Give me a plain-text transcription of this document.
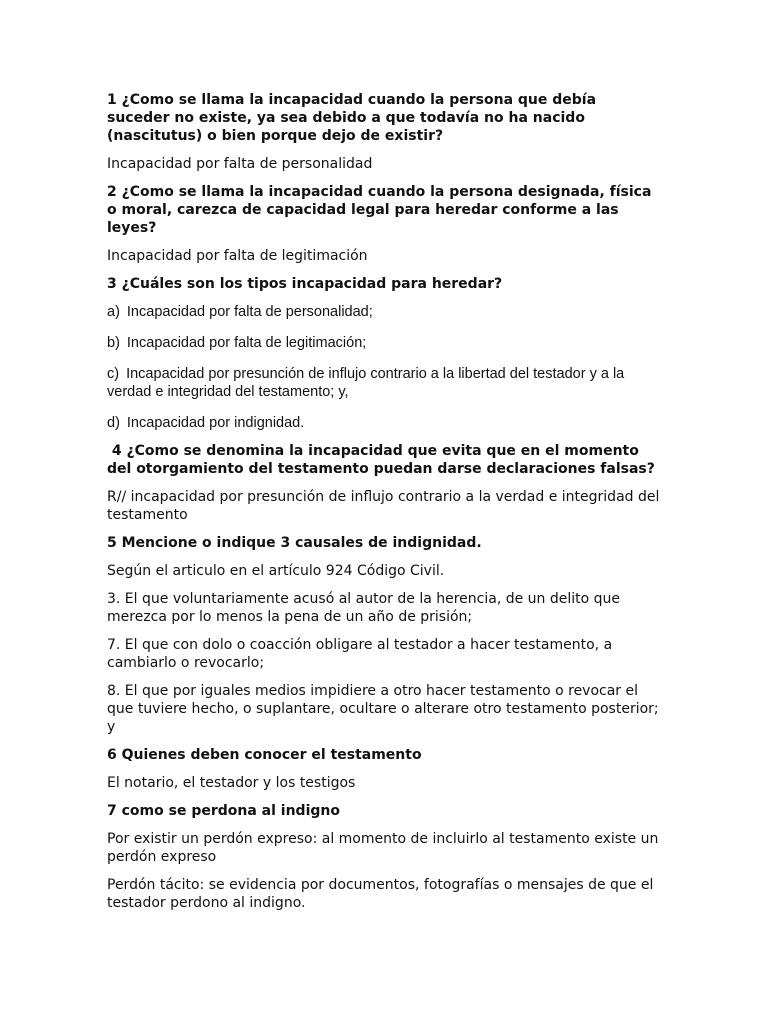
1 ¿Como se llama la incapacidad cuando la persona que debía suceder no existe, ya sea debido a que todavía no ha nacido (nascitutus) o bien porque dejo de existir?

Incapacidad por falta de personalidad

2 ¿Como se llama la incapacidad cuando la persona designada, física o moral, carezca de capacidad legal para heredar conforme a las leyes?

Incapacidad por falta de legitimación

3 ¿Cuáles son los tipos incapacidad para heredar?

a) Incapacidad por falta de personalidad;

b) Incapacidad por falta de legitimación;

c) Incapacidad por presunción de influjo contrario a la libertad del testador y a la verdad e integridad del testamento; y,

d) Incapacidad por indignidad.

4 ¿Como se denomina la incapacidad que evita que en el momento del otorgamiento del testamento puedan darse declaraciones falsas?

R// incapacidad por presunción de influjo contrario a la verdad e integridad del testamento

5 Mencione o indique 3 causales de indignidad.

Según el articulo en el artículo 924 Código Civil.

3. El que voluntariamente acusó al autor de la herencia, de un delito que merezca por lo menos la pena de un año de prisión;

7. El que con dolo o coacción obligare al testador a hacer testamento, a cambiarlo o revocarlo;

8. El que por iguales medios impidiere a otro hacer testamento o revocar el que tuviere hecho, o suplantare, ocultare o alterare otro testamento posterior; y

6 Quienes deben conocer el testamento

El notario, el testador y los testigos

7 como se perdona al indigno

Por existir un perdón expreso: al momento de incluirlo al testamento existe un perdón expreso

Perdón tácito: se evidencia por documentos, fotografías o mensajes de que el testador perdono al indigno.
